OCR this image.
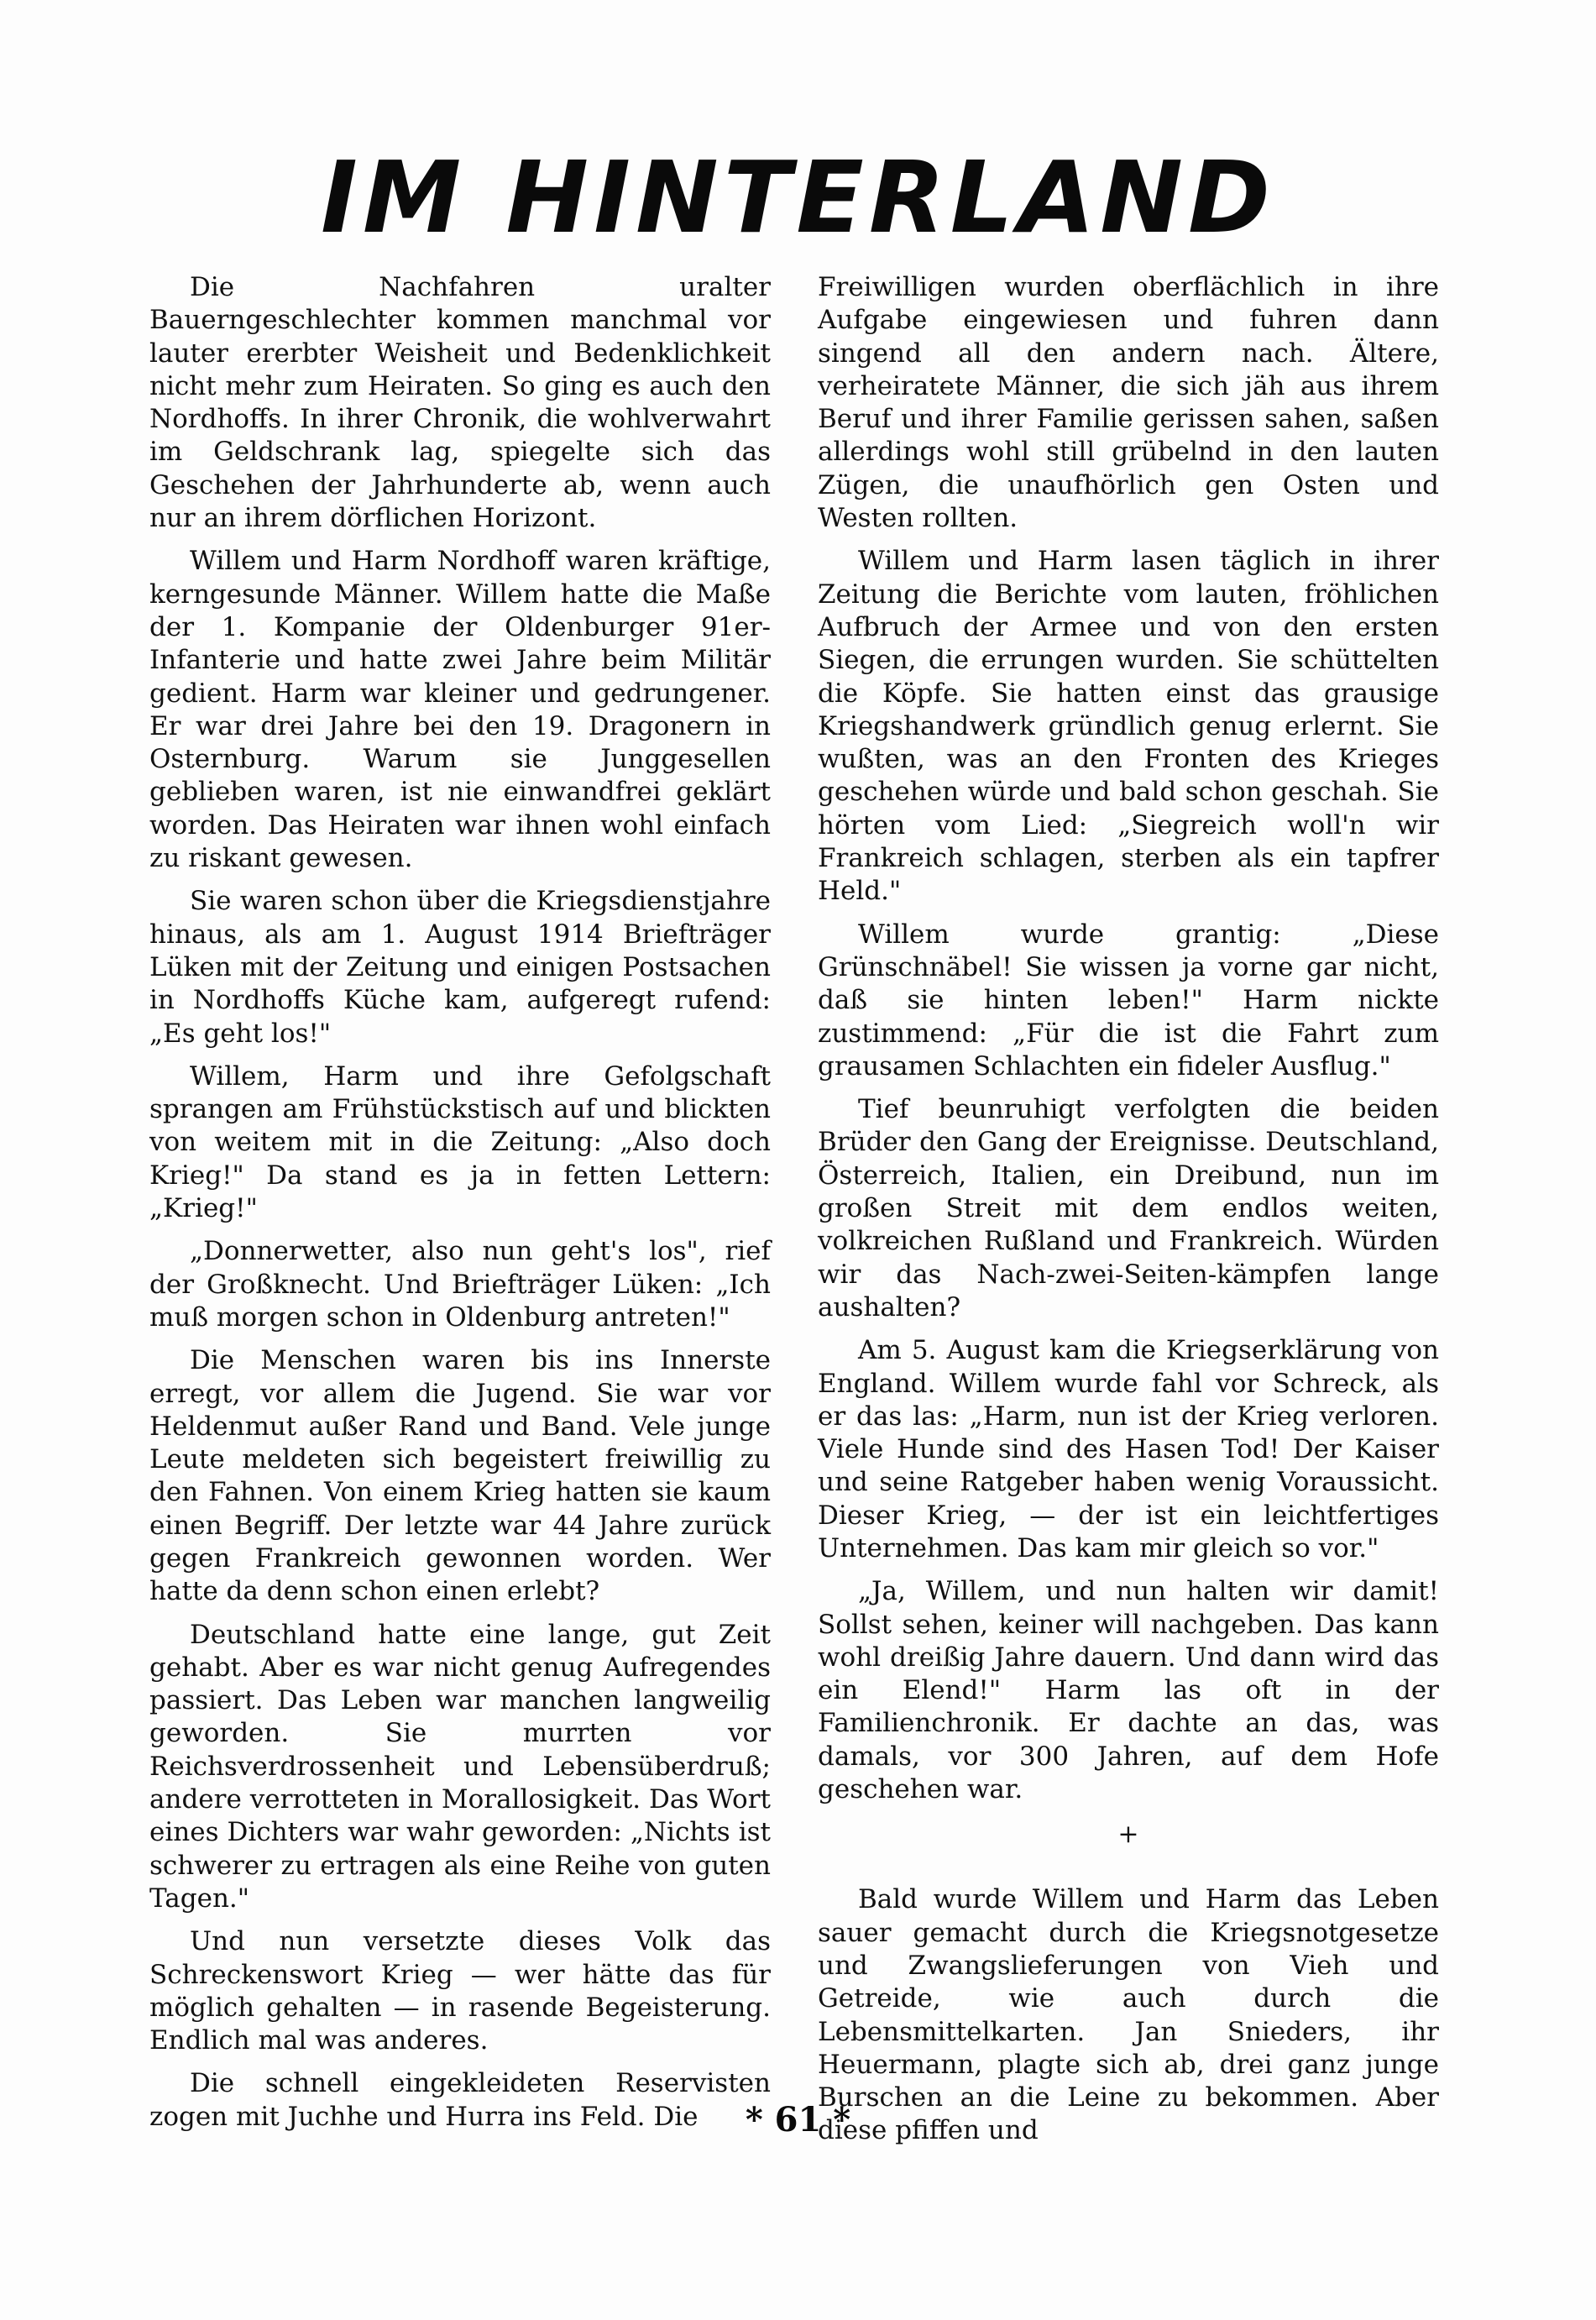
IM HINTERLAND

Die Nachfahren uralter Bauerngeschlechter kommen manchmal vor lauter ererbter Weisheit und Bedenklichkeit nicht mehr zum Heiraten. So ging es auch den Nordhoffs. In ihrer Chronik, die wohlverwahrt im Geldschrank lag, spiegelte sich das Geschehen der Jahrhunderte ab, wenn auch nur an ihrem dörflichen Horizont.

Willem und Harm Nordhoff waren kräftige, kerngesunde Männer. Willem hatte die Maße der 1. Kompanie der Oldenburger 91er-Infanterie und hatte zwei Jahre beim Militär gedient. Harm war kleiner und gedrungener. Er war drei Jahre bei den 19. Dragonern in Osternburg. Warum sie Junggesellen geblieben waren, ist nie einwandfrei geklärt worden. Das Heiraten war ihnen wohl einfach zu riskant gewesen.

Sie waren schon über die Kriegsdienstjahre hinaus, als am 1. August 1914 Briefträger Lüken mit der Zeitung und einigen Postsachen in Nordhoffs Küche kam, aufgeregt rufend: „Es geht los!"

Willem, Harm und ihre Gefolgschaft sprangen am Frühstückstisch auf und blickten von weitem mit in die Zeitung: „Also doch Krieg!" Da stand es ja in fetten Lettern: „Krieg!"

„Donnerwetter, also nun geht's los", rief der Großknecht. Und Briefträger Lüken: „Ich muß morgen schon in Oldenburg antreten!"

Die Menschen waren bis ins Innerste erregt, vor allem die Jugend. Sie war vor Heldenmut außer Rand und Band. Vele junge Leute meldeten sich begeistert freiwillig zu den Fahnen. Von einem Krieg hatten sie kaum einen Begriff. Der letzte war 44 Jahre zurück gegen Frankreich gewonnen worden. Wer hatte da denn schon einen erlebt?

Deutschland hatte eine lange, gut Zeit gehabt. Aber es war nicht genug Aufregendes passiert. Das Leben war manchen langweilig geworden. Sie murrten vor Reichsverdrossenheit und Lebensüberdruß; andere verrotteten in Morallosigkeit. Das Wort eines Dichters war wahr geworden: „Nichts ist schwerer zu ertragen als eine Reihe von guten Tagen."

Und nun versetzte dieses Volk das Schreckenswort Krieg — wer hätte das für möglich gehalten — in rasende Begeisterung. Endlich mal was anderes.

Die schnell eingekleideten Reservisten zogen mit Juchhe und Hurra ins Feld. Die

Freiwilligen wurden oberflächlich in ihre Aufgabe eingewiesen und fuhren dann singend all den andern nach. Ältere, verheiratete Männer, die sich jäh aus ihrem Beruf und ihrer Familie gerissen sahen, saßen allerdings wohl still grübelnd in den lauten Zügen, die unaufhörlich gen Osten und Westen rollten.

Willem und Harm lasen täglich in ihrer Zeitung die Berichte vom lauten, fröhlichen Aufbruch der Armee und von den ersten Siegen, die errungen wurden. Sie schüttelten die Köpfe. Sie hatten einst das grausige Kriegshandwerk gründlich genug erlernt. Sie wußten, was an den Fronten des Krieges geschehen würde und bald schon geschah. Sie hörten vom Lied: „Siegreich woll'n wir Frankreich schlagen, sterben als ein tapfrer Held."

Willem wurde grantig: „Diese Grünschnäbel! Sie wissen ja vorne gar nicht, daß sie hinten leben!" Harm nickte zustimmend: „Für die ist die Fahrt zum grausamen Schlachten ein fideler Ausflug."

Tief beunruhigt verfolgten die beiden Brüder den Gang der Ereignisse. Deutschland, Österreich, Italien, ein Dreibund, nun im großen Streit mit dem endlos weiten, volkreichen Rußland und Frankreich. Würden wir das Nach-zwei-Seiten-kämpfen lange aushalten?

Am 5. August kam die Kriegserklärung von England. Willem wurde fahl vor Schreck, als er das las: „Harm, nun ist der Krieg verloren. Viele Hunde sind des Hasen Tod! Der Kaiser und seine Ratgeber haben wenig Voraussicht. Dieser Krieg, — der ist ein leichtfertiges Unternehmen. Das kam mir gleich so vor."

„Ja, Willem, und nun halten wir damit! Sollst sehen, keiner will nachgeben. Das kann wohl dreißig Jahre dauern. Und dann wird das ein Elend!" Harm las oft in der Familienchronik. Er dachte an das, was damals, vor 300 Jahren, auf dem Hofe geschehen war.

+

Bald wurde Willem und Harm das Leben sauer gemacht durch die Kriegsnotgesetze und Zwangslieferungen von Vieh und Getreide, wie auch durch die Lebensmittelkarten. Jan Snieders, ihr Heuermann, plagte sich ab, drei ganz junge Burschen an die Leine zu bekommen. Aber diese pfiffen und

* 61 *
